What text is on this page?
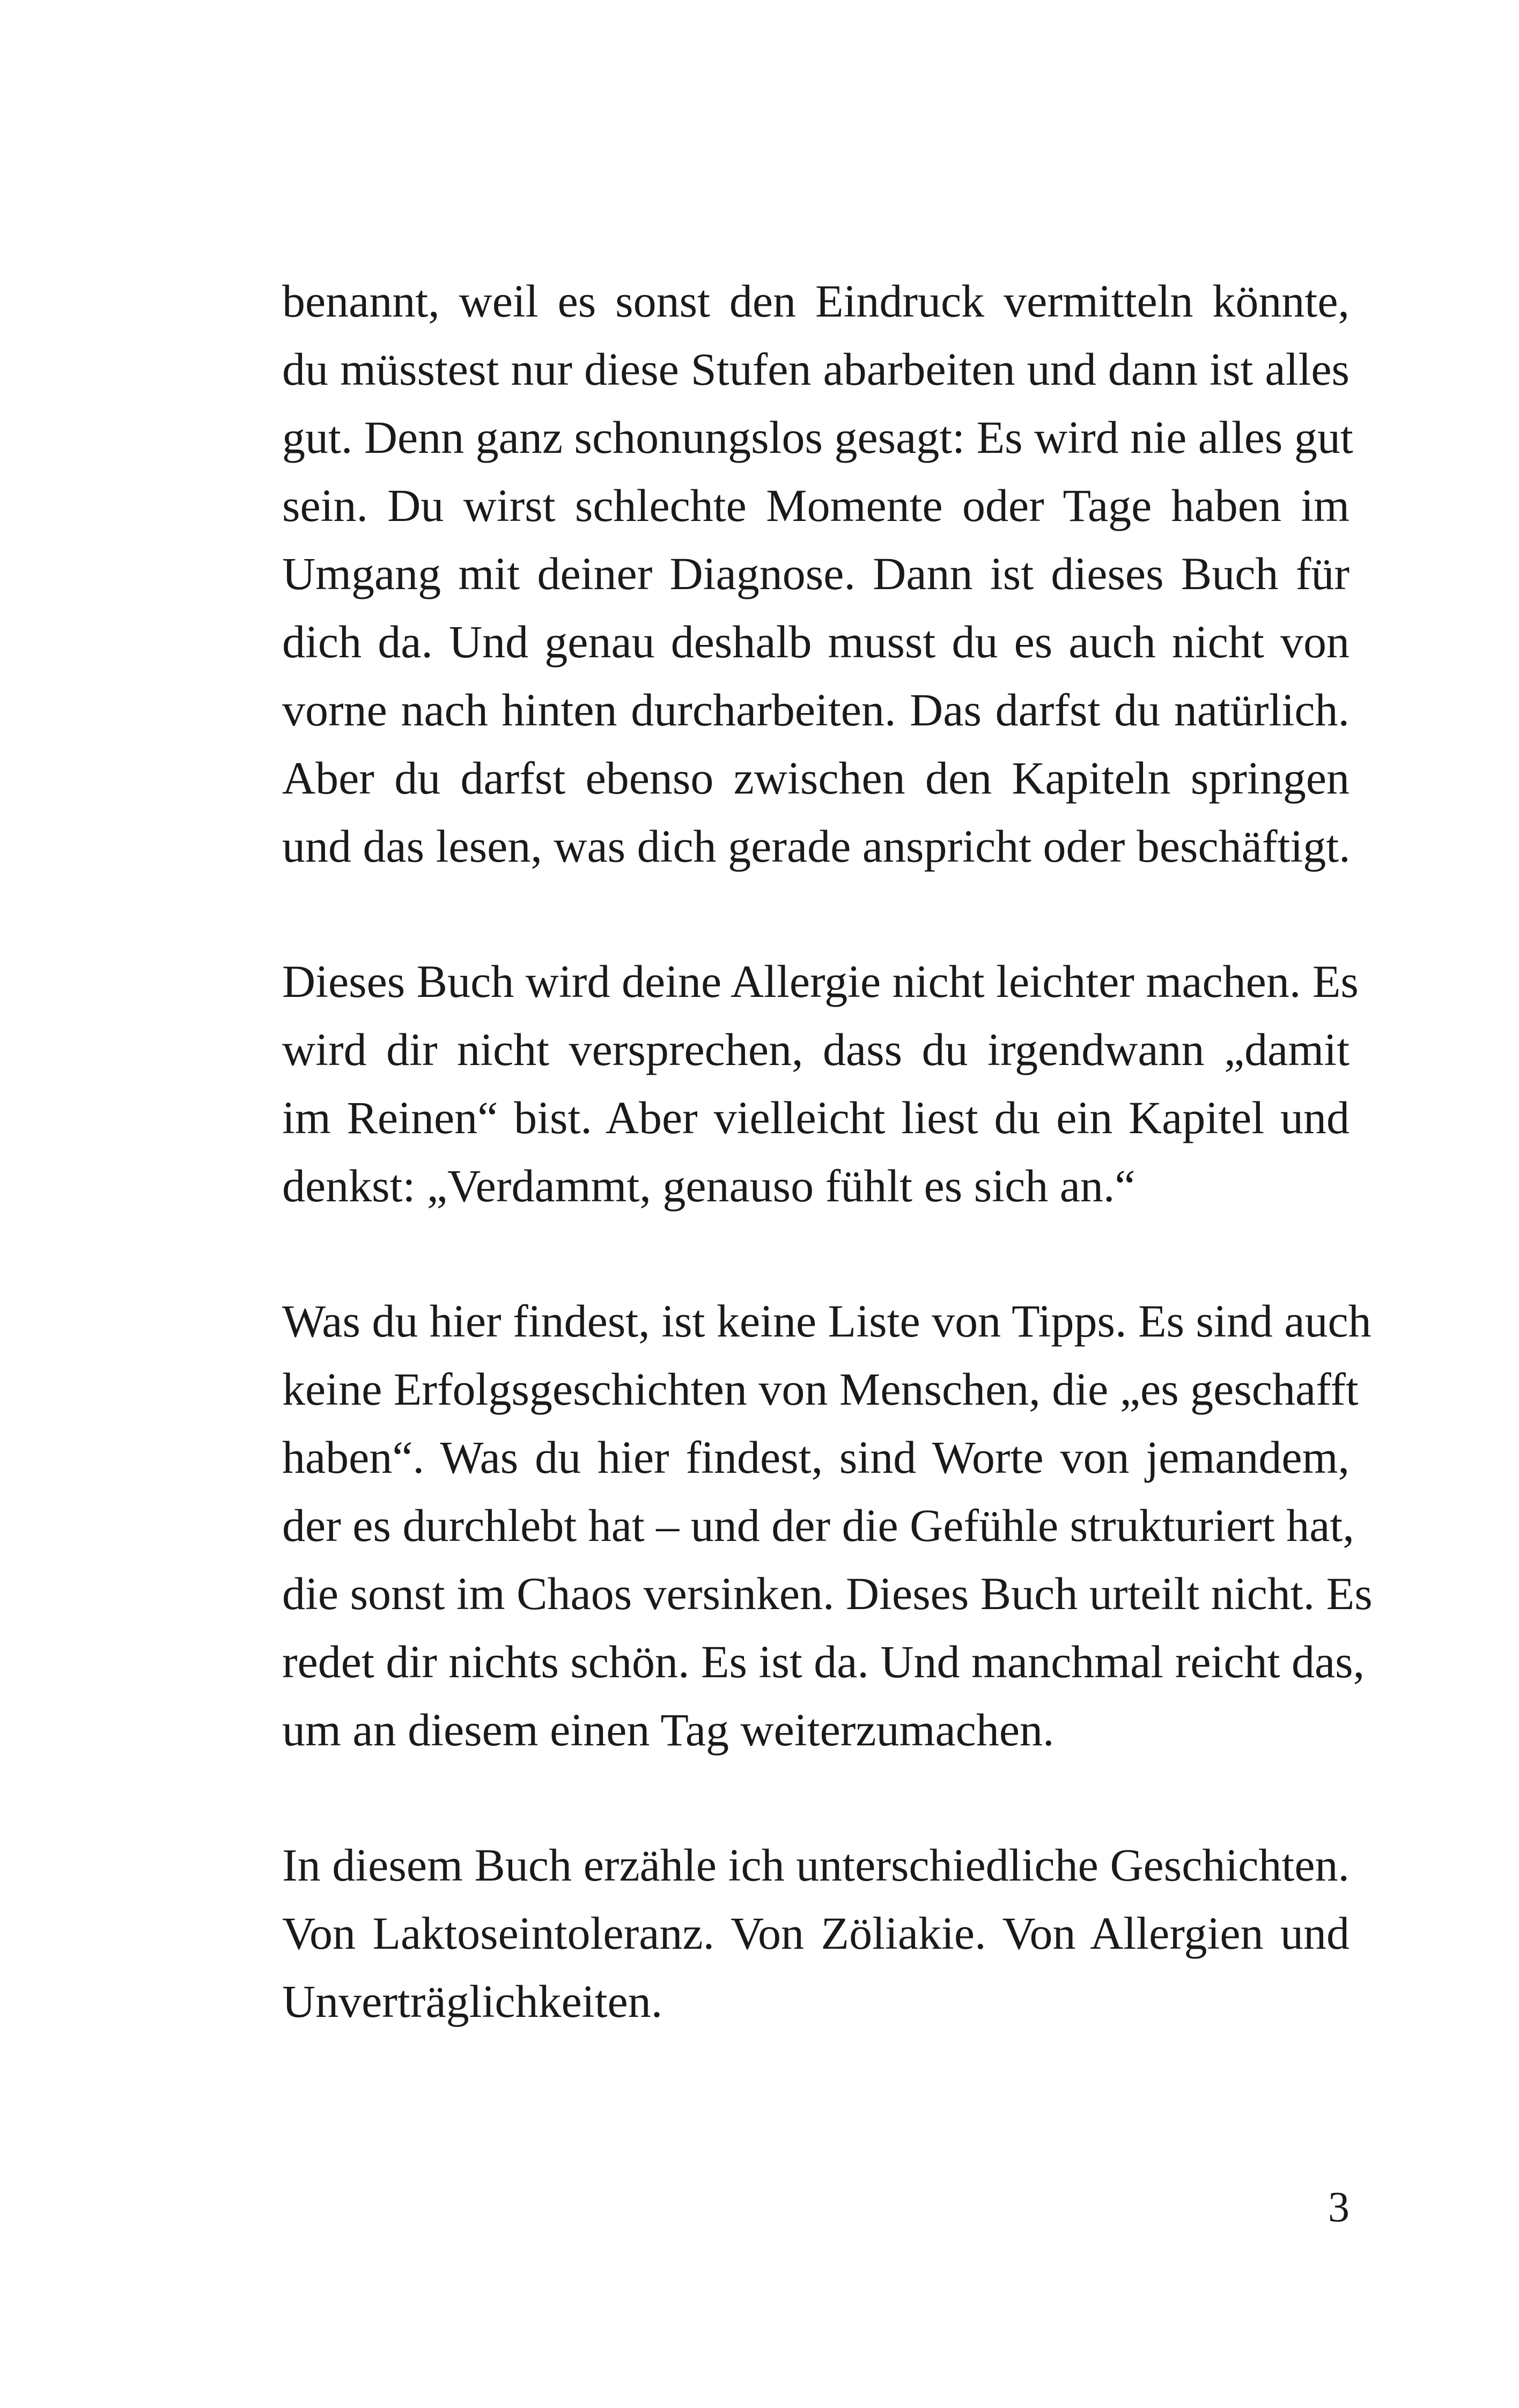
benannt, weil es sonst den Eindruck vermitteln könnte,
du müsstest nur diese Stufen abarbeiten und dann ist alles
gut. Denn ganz schonungslos gesagt: Es wird nie alles gut
sein. Du wirst schlechte Momente oder Tage haben im
Umgang mit deiner Diagnose. Dann ist dieses Buch für
dich da. Und genau deshalb musst du es auch nicht von
vorne nach hinten durcharbeiten. Das darfst du natürlich.
Aber du darfst ebenso zwischen den Kapiteln springen
und das lesen, was dich gerade anspricht oder beschäftigt.
Dieses Buch wird deine Allergie nicht leichter machen. Es
wird dir nicht versprechen, dass du irgendwann „damit
im Reinen“ bist. Aber vielleicht liest du ein Kapitel und
denkst: „Verdammt, genauso fühlt es sich an.“
Was du hier findest, ist keine Liste von Tipps. Es sind auch
keine Erfolgsgeschichten von Menschen, die „es geschafft
haben“. Was du hier findest, sind Worte von jemandem,
der es durchlebt hat – und der die Gefühle strukturiert hat,
die sonst im Chaos versinken. Dieses Buch urteilt nicht. Es
redet dir nichts schön. Es ist da. Und manchmal reicht das,
um an diesem einen Tag weiterzumachen.
In diesem Buch erzähle ich unterschiedliche Geschichten.
Von Laktoseintoleranz. Von Zöliakie. Von Allergien und
Unverträglichkeiten.
3
